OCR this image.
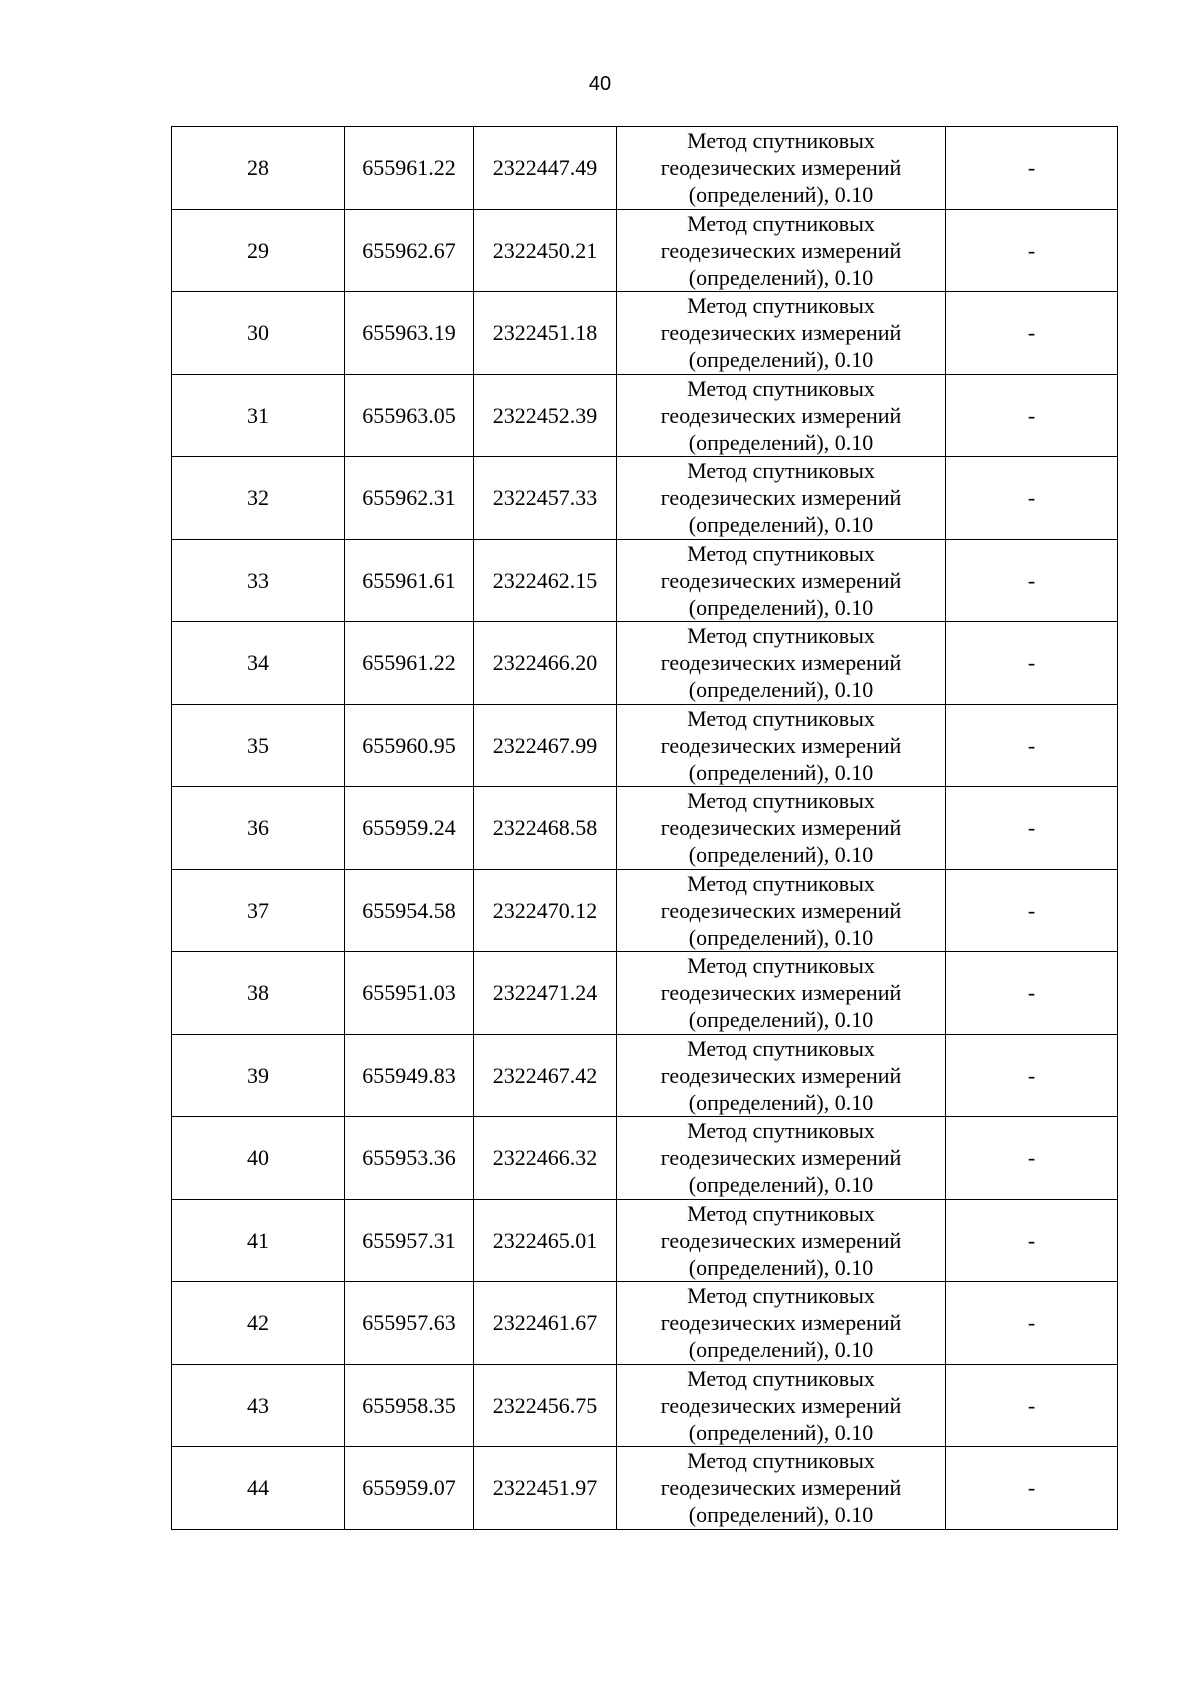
40
28	655961.22	2322447.49	Метод спутниковых
геодезических измерений
(определений), 0.10	-
29	655962.67	2322450.21	Метод спутниковых
геодезических измерений
(определений), 0.10	-
30	655963.19	2322451.18	Метод спутниковых
геодезических измерений
(определений), 0.10	-
31	655963.05	2322452.39	Метод спутниковых
геодезических измерений
(определений), 0.10	-
32	655962.31	2322457.33	Метод спутниковых
геодезических измерений
(определений), 0.10	-
33	655961.61	2322462.15	Метод спутниковых
геодезических измерений
(определений), 0.10	-
34	655961.22	2322466.20	Метод спутниковых
геодезических измерений
(определений), 0.10	-
35	655960.95	2322467.99	Метод спутниковых
геодезических измерений
(определений), 0.10	-
36	655959.24	2322468.58	Метод спутниковых
геодезических измерений
(определений), 0.10	-
37	655954.58	2322470.12	Метод спутниковых
геодезических измерений
(определений), 0.10	-
38	655951.03	2322471.24	Метод спутниковых
геодезических измерений
(определений), 0.10	-
39	655949.83	2322467.42	Метод спутниковых
геодезических измерений
(определений), 0.10	-
40	655953.36	2322466.32	Метод спутниковых
геодезических измерений
(определений), 0.10	-
41	655957.31	2322465.01	Метод спутниковых
геодезических измерений
(определений), 0.10	-
42	655957.63	2322461.67	Метод спутниковых
геодезических измерений
(определений), 0.10	-
43	655958.35	2322456.75	Метод спутниковых
геодезических измерений
(определений), 0.10	-
44	655959.07	2322451.97	Метод спутниковых
геодезических измерений
(определений), 0.10	-
